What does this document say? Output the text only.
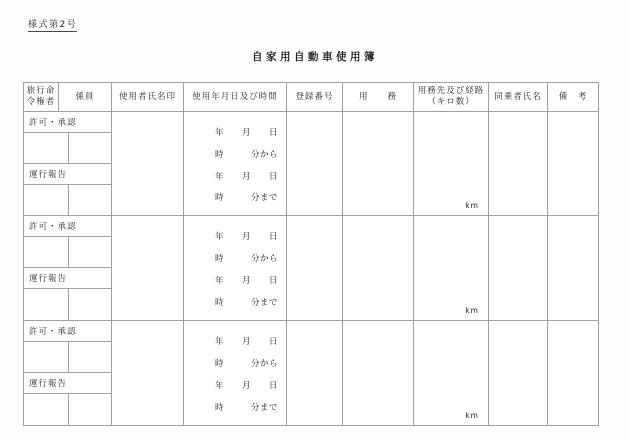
様式第2号
自家用自動車使用簿
旅行命
令権者
係員	使用者氏名印 使用年月日及び時間 登録番号	用　　務
用務先及び経路
（キロ数）
同乗者氏名 備　考
許可・承認
運行報告
年　　月　　日
時　　　分から
年　　月　　日
時　　　分まで
km
許可・承認
運行報告
年　　月　　日
時　　　分から
年　　月　　日
時　　　分まで
km
許可・承認
運行報告
年　　月　　日
時　　　分から
年　　月　　日
時　　　分まで
km
